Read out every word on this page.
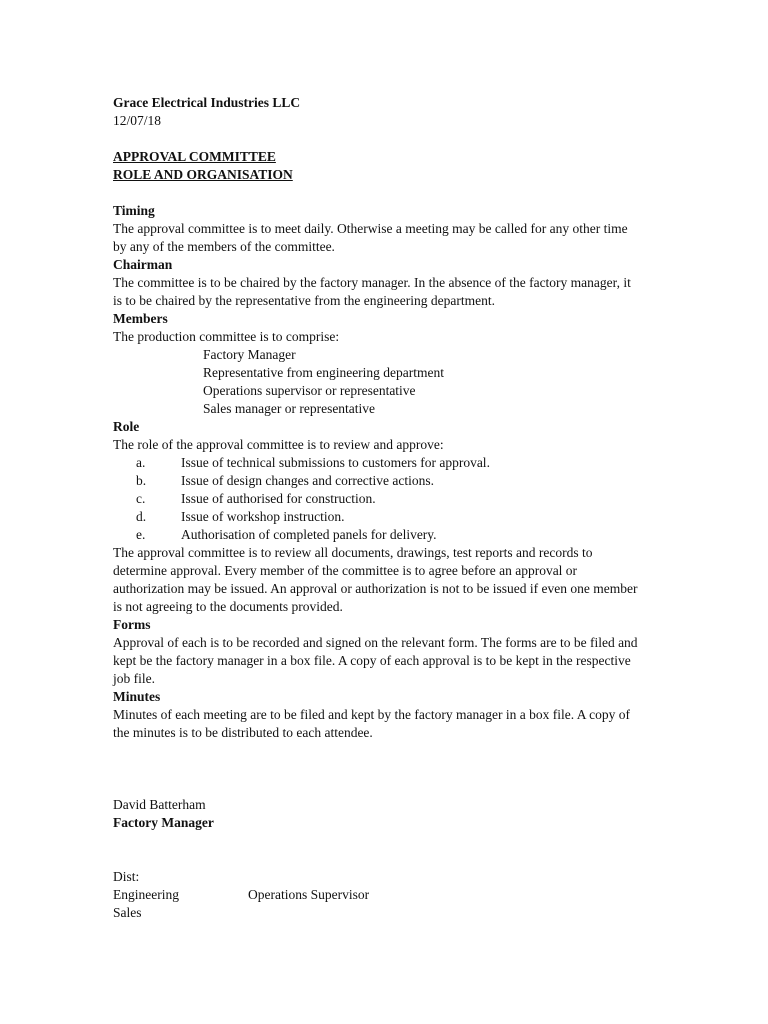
Grace Electrical Industries LLC

12/07/18

APPROVAL COMMITTEE

ROLE AND ORGANISATION

Timing

The approval committee is to meet daily. Otherwise a meeting may be called for any other time by any of the members of the committee.

Chairman

The committee is to be chaired by the factory manager. In the absence of the factory manager, it is to be chaired by the representative from the engineering department.

Members

The production committee is to comprise:

Factory Manager

Representative from engineering department

Operations supervisor or representative

Sales manager or representative

Role

The role of the approval committee is to review and approve:

a.	Issue of technical submissions to customers for approval.
b.	Issue of design changes and corrective actions.
c.	Issue of authorised for construction.
d.	Issue of workshop instruction.
e.	Authorisation of completed panels for delivery.

The approval committee is to review all documents, drawings, test reports and records to determine approval. Every member of the committee is to agree before an approval or authorization may be issued. An approval or authorization is not to be issued if even one member is not agreeing to the documents provided.

Forms

Approval of each is to be recorded and signed on the relevant form. The forms are to be filed and kept be the factory manager in a box file. A copy of each approval is to be kept in the respective job file.

Minutes

Minutes of each meeting are to be filed and kept by the factory manager in a box file. A copy of the minutes is to be distributed to each attendee.

David Batterham

Factory Manager

Dist:

Engineering	Operations Supervisor
Sales
